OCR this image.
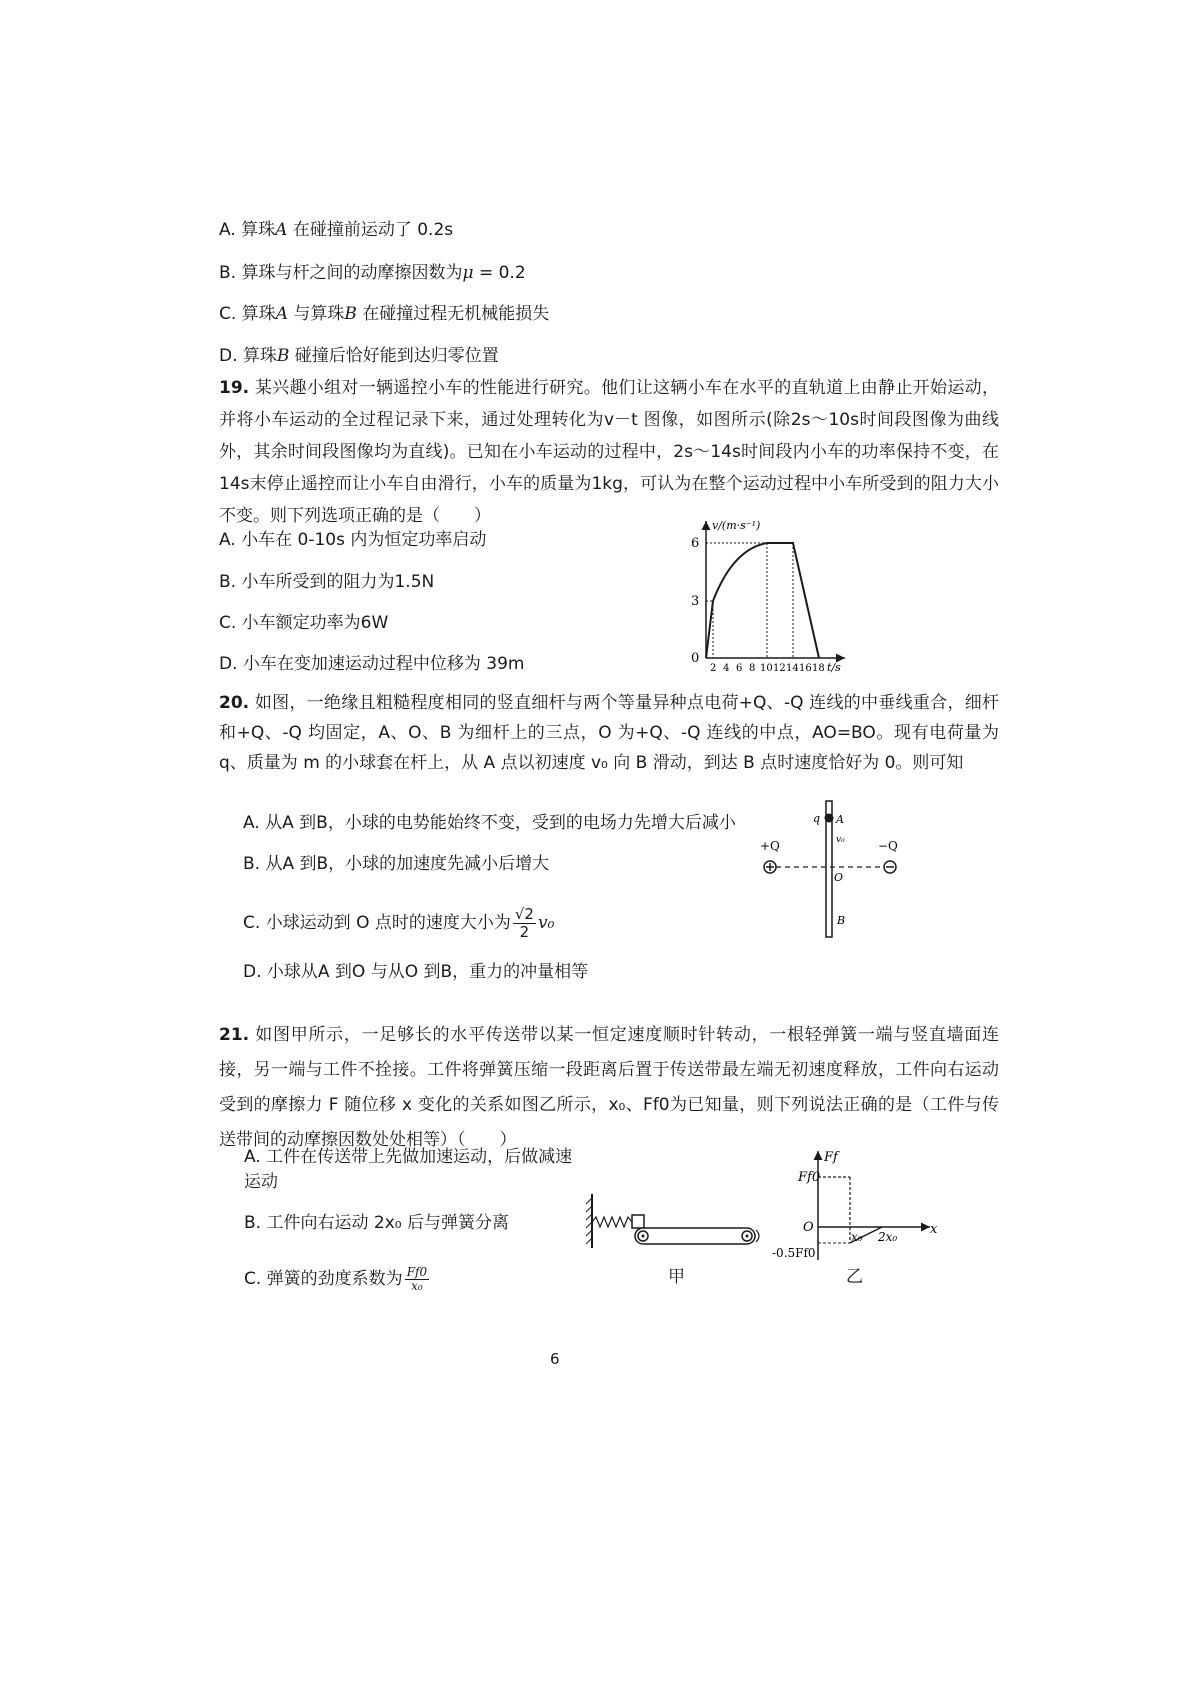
A. 算珠A 在碰撞前运动了 0.2s
B. 算珠与杆之间的动摩擦因数为μ = 0.2
C. 算珠A 与算珠B 在碰撞过程无机械能损失
D. 算珠B 碰撞后恰好能到达归零位置
19. 某兴趣小组对一辆遥控小车的性能进行研究。他们让这辆小车在水平的直轨道上由静止开始运动，并将小车运动的全过程记录下来，通过处理转化为v－t 图像，如图所示(除2s～10s时间段图像为曲线外，其余时间段图像均为直线)。已知在小车运动的过程中，2s～14s时间段内小车的功率保持不变，在14s末停止遥控而让小车自由滑行，小车的质量为1kg，可认为在整个运动过程中小车所受到的阻力大小不变。则下列选项正确的是（　　）
A. 小车在 0-10s 内为恒定功率启动
B. 小车所受到的阻力为1.5N
C. 小车额定功率为6W
D. 小车在变加速运动过程中位移为 39m
v/(m·s⁻¹)
6
3
0
2 4 6 8 10 12 14 16 18 t/s
20. 如图，一绝缘且粗糙程度相同的竖直细杆与两个等量异种点电荷+Q、-Q 连线的中垂线重合，细杆和+Q、-Q 均固定，A、O、B 为细杆上的三点，O 为+Q、-Q 连线的中点，AO=BO。现有电荷量为 q、质量为 m 的小球套在杆上，从 A 点以初速度 v₀ 向 B 滑动，到达 B 点时速度恰好为 0。则可知
A. 从A 到B，小球的电势能始终不变，受到的电场力先增大后减小
B. 从A 到B，小球的加速度先减小后增大
C. 小球运动到 O 点时的速度大小为 $\frac{√2}{2} v_0$
D. 小球从A 到O 与从O 到B，重力的冲量相等
+Q	−Q
q A
v₀
O
B
21. 如图甲所示，一足够长的水平传送带以某一恒定速度顺时针转动，一根轻弹簧一端与竖直墙面连接，另一端与工件不拴接。工件将弹簧压缩一段距离后置于传送带最左端无初速度释放，工件向右运动受到的摩擦力 F 随位移 x 变化的关系如图乙所示，x₀、Ff0为已知量，则下列说法正确的是（工件与传送带间的动摩擦因数处处相等）（　　）
A. 工件在传送带上先做加速运动，后做减速
运动
B. 工件向右运动 2x₀ 后与弹簧分离
C. 弹簧的劲度系数为 $\frac{Ff0}{\text{x₀}}$	甲
Ff
Ff0
O
x₀ 2x₀
-0.5Ff0
x
乙
6
